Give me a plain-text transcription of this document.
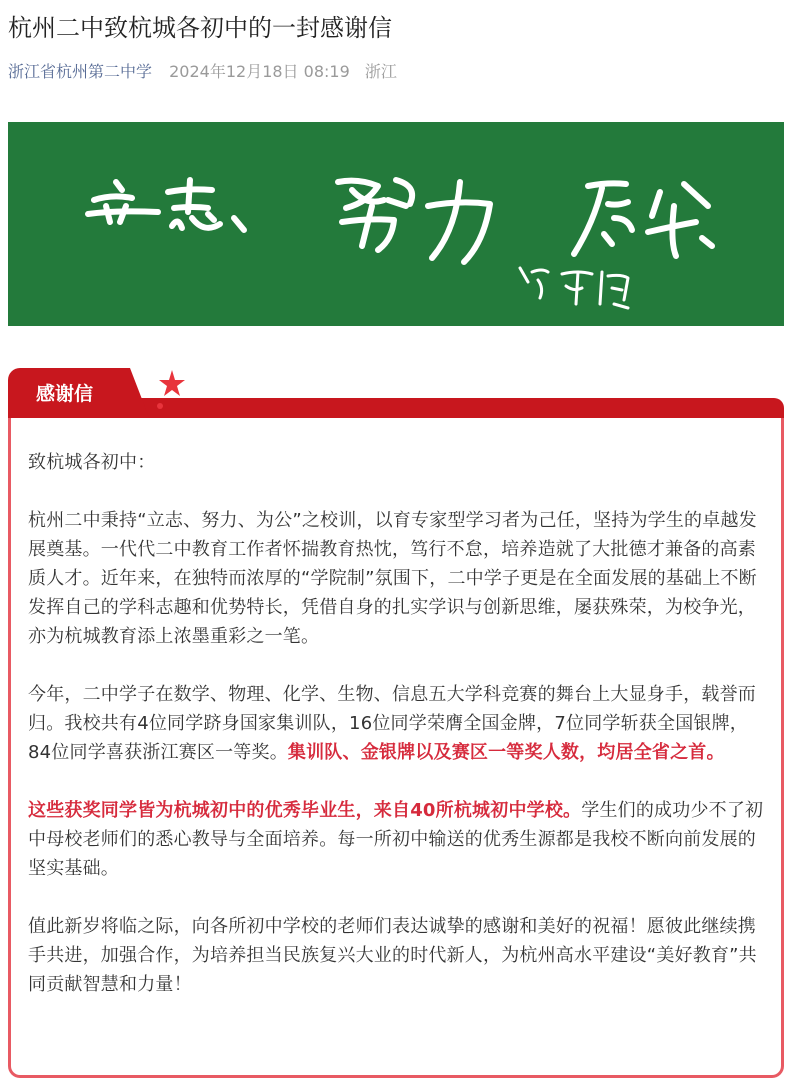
杭州二中致杭城各初中的一封感谢信
浙江省杭州第二中学 2024年12月18日 08:19 浙江
感谢信

致杭城各初中：

杭州二中秉持“立志、努力、为公”之校训，以育专家型学习者为己任，坚持为学生的卓越发展奠基。一代代二中教育工作者怀揣教育热忱，笃行不怠，培养造就了大批德才兼备的高素质人才。近年来，在独特而浓厚的“学院制”氛围下，二中学子更是在全面发展的基础上不断发挥自己的学科志趣和优势特长，凭借自身的扎实学识与创新思维，屡获殊荣，为校争光，亦为杭城教育添上浓墨重彩之一笔。

今年，二中学子在数学、物理、化学、生物、信息五大学科竞赛的舞台上大显身手，载誉而归。我校共有4位同学跻身国家集训队，16位同学荣膺全国金牌，7位同学斩获全国银牌，84位同学喜获浙江赛区一等奖。集训队、金银牌以及赛区一等奖人数，均居全省之首。

这些获奖同学皆为杭城初中的优秀毕业生，来自40所杭城初中学校。学生们的成功少不了初中母校老师们的悉心教导与全面培养。每一所初中输送的优秀生源都是我校不断向前发展的坚实基础。

值此新岁将临之际，向各所初中学校的老师们表达诚挚的感谢和美好的祝福！愿彼此继续携手共进，加强合作，为培养担当民族复兴大业的时代新人，为杭州高水平建设“美好教育”共同贡献智慧和力量！
